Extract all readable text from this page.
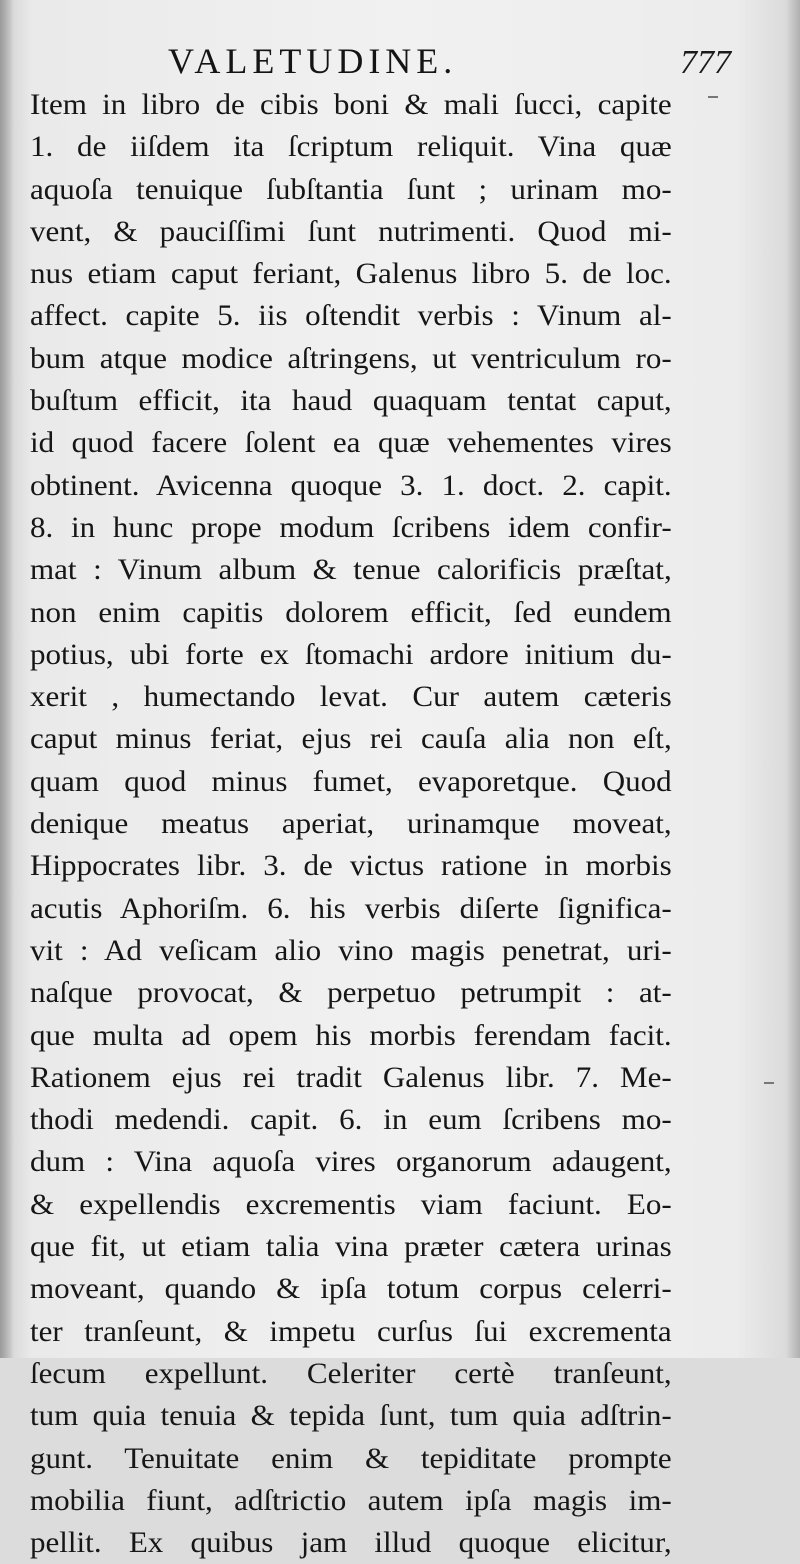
VALETUDINE.	777
Item in libro de cibis boni & mali ſucci, capite
1. de iiſdem ita ſcriptum reliquit. Vina quæ
aquoſa tenuique ſubſtantia ſunt ; urinam mo-
vent, & pauciſſimi ſunt nutrimenti. Quod mi-
nus etiam caput feriant, Galenus libro 5. de loc.
affect. capite 5. iis oſtendit verbis : Vinum al-
bum atque modice aſtringens, ut ventriculum ro-
buſtum efficit, ita haud quaquam tentat caput,
id quod facere ſolent ea quæ vehementes vires
obtinent. Avicenna quoque 3. 1. doct. 2. capit.
8. in hunc prope modum ſcribens idem confir-
mat : Vinum album & tenue calorificis præſtat,
non enim capitis dolorem efficit, ſed eundem
potius, ubi forte ex ſtomachi ardore initium du-
xerit , humectando levat. Cur autem cæteris
caput minus feriat, ejus rei cauſa alia non eſt,
quam quod minus fumet, evaporetque. Quod
denique meatus aperiat, urinamque moveat,
Hippocrates libr. 3. de victus ratione in morbis
acutis Aphoriſm. 6. his verbis diſerte ſignifica-
vit : Ad veſicam alio vino magis penetrat, uri-
naſque provocat, & perpetuo petrumpit : at-
que multa ad opem his morbis ferendam facit.
Rationem ejus rei tradit Galenus libr. 7. Me-
thodi medendi. capit. 6. in eum ſcribens mo-
dum : Vina aquoſa vires organorum adaugent,
& expellendis excrementis viam faciunt. Eo-
que fit, ut etiam talia vina præter cætera urinas
moveant, quando & ipſa totum corpus celerri-
ter tranſeunt, & impetu curſus ſui excrementa
ſecum expellunt. Celeriter certè tranſeunt,
tum quia tenuia & tepida ſunt, tum quia adſtrin-
gunt. Tenuitate enim & tepiditate prompte
mobilia fiunt, adſtrictio autem ipſa magis im-
pellit. Ex quibus jam illud quoque elicitur,
